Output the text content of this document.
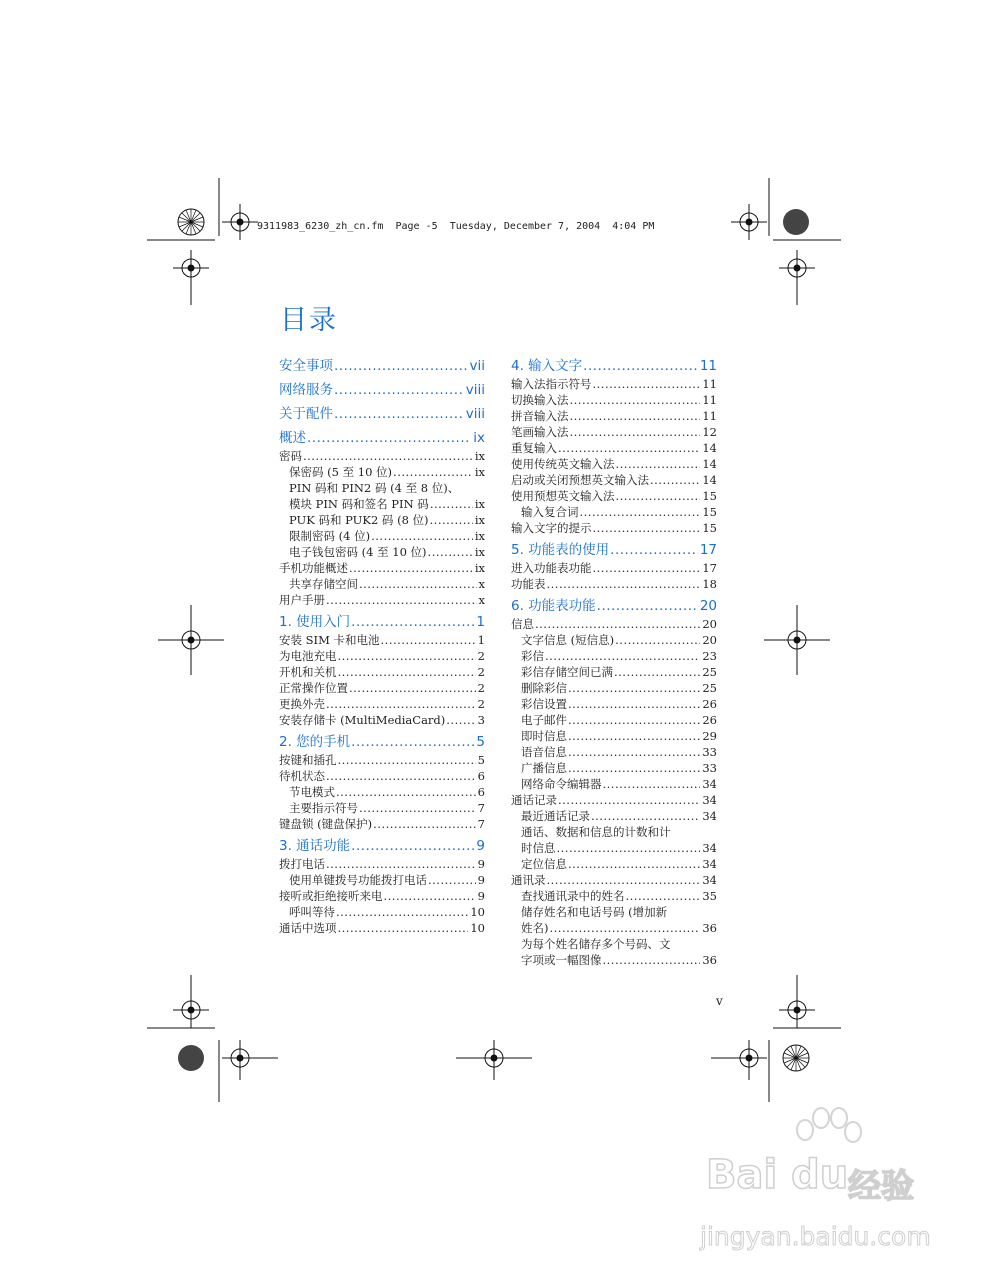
9311983_6230_zh_cn.fm Page -5 Tuesday, December 7, 2004 4:04 PM
目录
安全事项 .....	vii
网络服务 .....	viii
关于配件 .....	viii
概述 .....	ix
密码 .....	ix
保密码 (5 至 10 位) .....	ix
PIN 码和 PIN2 码 (4 至 8 位)、
模块 PIN 码和签名 PIN 码 .....	ix
PUK 码和 PUK2 码 (8 位) .....	ix
限制密码 (4 位) .....	ix
电子钱包密码 (4 至 10 位) .....	ix
手机功能概述 .....	ix
共享存储空间 .....	x
用户手册 .....	x
1. 使用入门 .....	1
安装 SIM 卡和电池 .....	1
为电池充电 .....	2
开机和关机 .....	2
正常操作位置 .....	2
更换外壳 .....	2
安装存储卡 (MultiMediaCard) .....	3
2. 您的手机 .....	5
按键和插孔 .....	5
待机状态 .....	6
节电模式 .....	6
主要指示符号 .....	7
键盘锁 (键盘保护) .....	7
3. 通话功能 .....	9
拨打电话 .....	9
使用单键拨号功能拨打电话 .....	9
接听或拒绝接听来电 .....	9
呼叫等待 .....	10
通话中选项 .....	10
4. 输入文字 .....	11
输入法指示符号 .....	11
切换输入法 .....	11
拼音输入法 .....	11
笔画输入法 .....	12
重复输入 .....	14
使用传统英文输入法 .....	14
启动或关闭预想英文输入法 .....	14
使用预想英文输入法 .....	15
输入复合词 .....	15
输入文字的提示 .....	15
5. 功能表的使用 .....	17
进入功能表功能 .....	17
功能表 .....	18
6. 功能表功能 .....	20
信息 .....	20
文字信息 (短信息) .....	20
彩信 .....	23
彩信存储空间已满 .....	25
删除彩信 .....	25
彩信设置 .....	26
电子邮件 .....	26
即时信息 .....	29
语音信息 .....	33
广播信息 .....	33
网络命令编辑器 .....	34
通话记录 .....	34
最近通话记录 .....	34
通话、数据和信息的计数和计
时信息 .....	34
定位信息 .....	34
通讯录 .....	34
查找通讯录中的姓名 .....	35
储存姓名和电话号码 (增加新
姓名) .....	36
为每个姓名储存多个号码、文
字项或一幅图像 .....	36
v
Bai du 经验
jingyan.baidu.com
